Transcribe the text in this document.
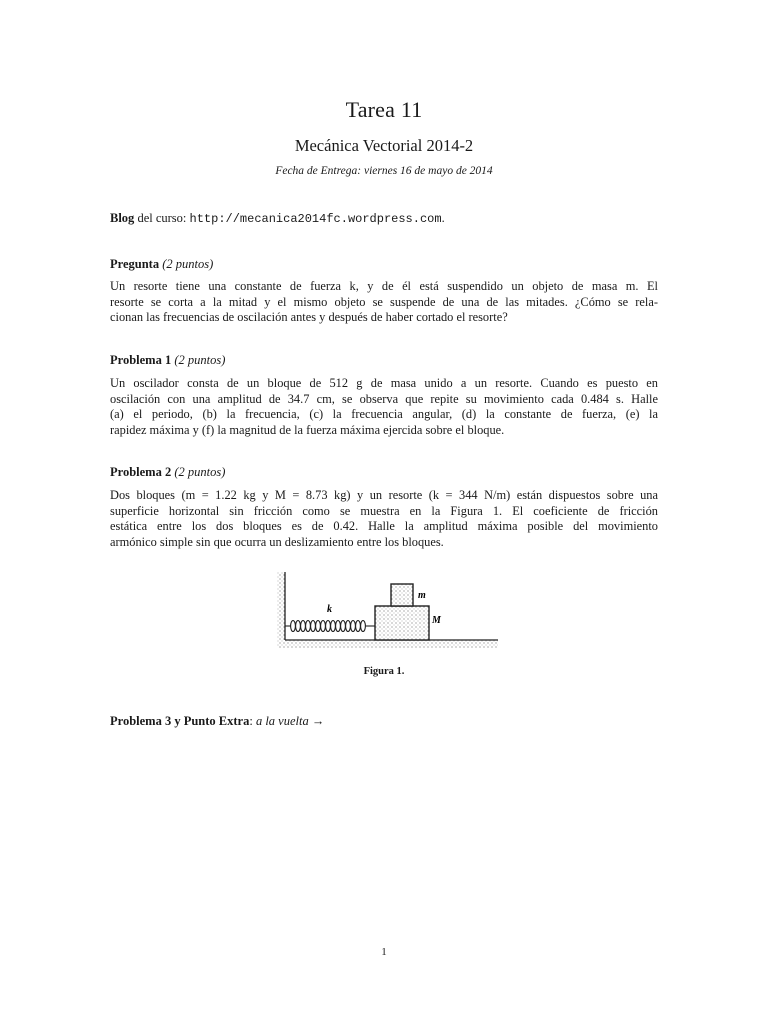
Tarea 11
Mecánica Vectorial 2014-2
Fecha de Entrega: viernes 16 de mayo de 2014
Blog del curso: http://mecanica2014fc.wordpress.com.
Pregunta (2 puntos)
Un resorte tiene una constante de fuerza k, y de él está suspendido un objeto de masa m. El
resorte se corta a la mitad y el mismo objeto se suspende de una de las mitades. ¿Cómo se rela-
cionan las frecuencias de oscilación antes y después de haber cortado el resorte?
Problema 1 (2 puntos)
Un oscilador consta de un bloque de 512 g de masa unido a un resorte. Cuando es puesto en
oscilación con una amplitud de 34.7 cm, se observa que repite su movimiento cada 0.484 s. Halle
(a) el periodo, (b) la frecuencia, (c) la frecuencia angular, (d) la constante de fuerza, (e) la
rapidez máxima y (f) la magnitud de la fuerza máxima ejercida sobre el bloque.
Problema 2 (2 puntos)
Dos bloques (m = 1.22 kg y M = 8.73 kg) y un resorte (k = 344 N/m) están dispuestos sobre una
superficie horizontal sin fricción como se muestra en la Figura 1. El coeficiente de fricción
estática entre los dos bloques es de 0.42. Halle la amplitud máxima posible del movimiento
armónico simple sin que ocurra un deslizamiento entre los bloques.
k
m
M
Figura 1.
Problema 3 y Punto Extra: a la vuelta →
1
